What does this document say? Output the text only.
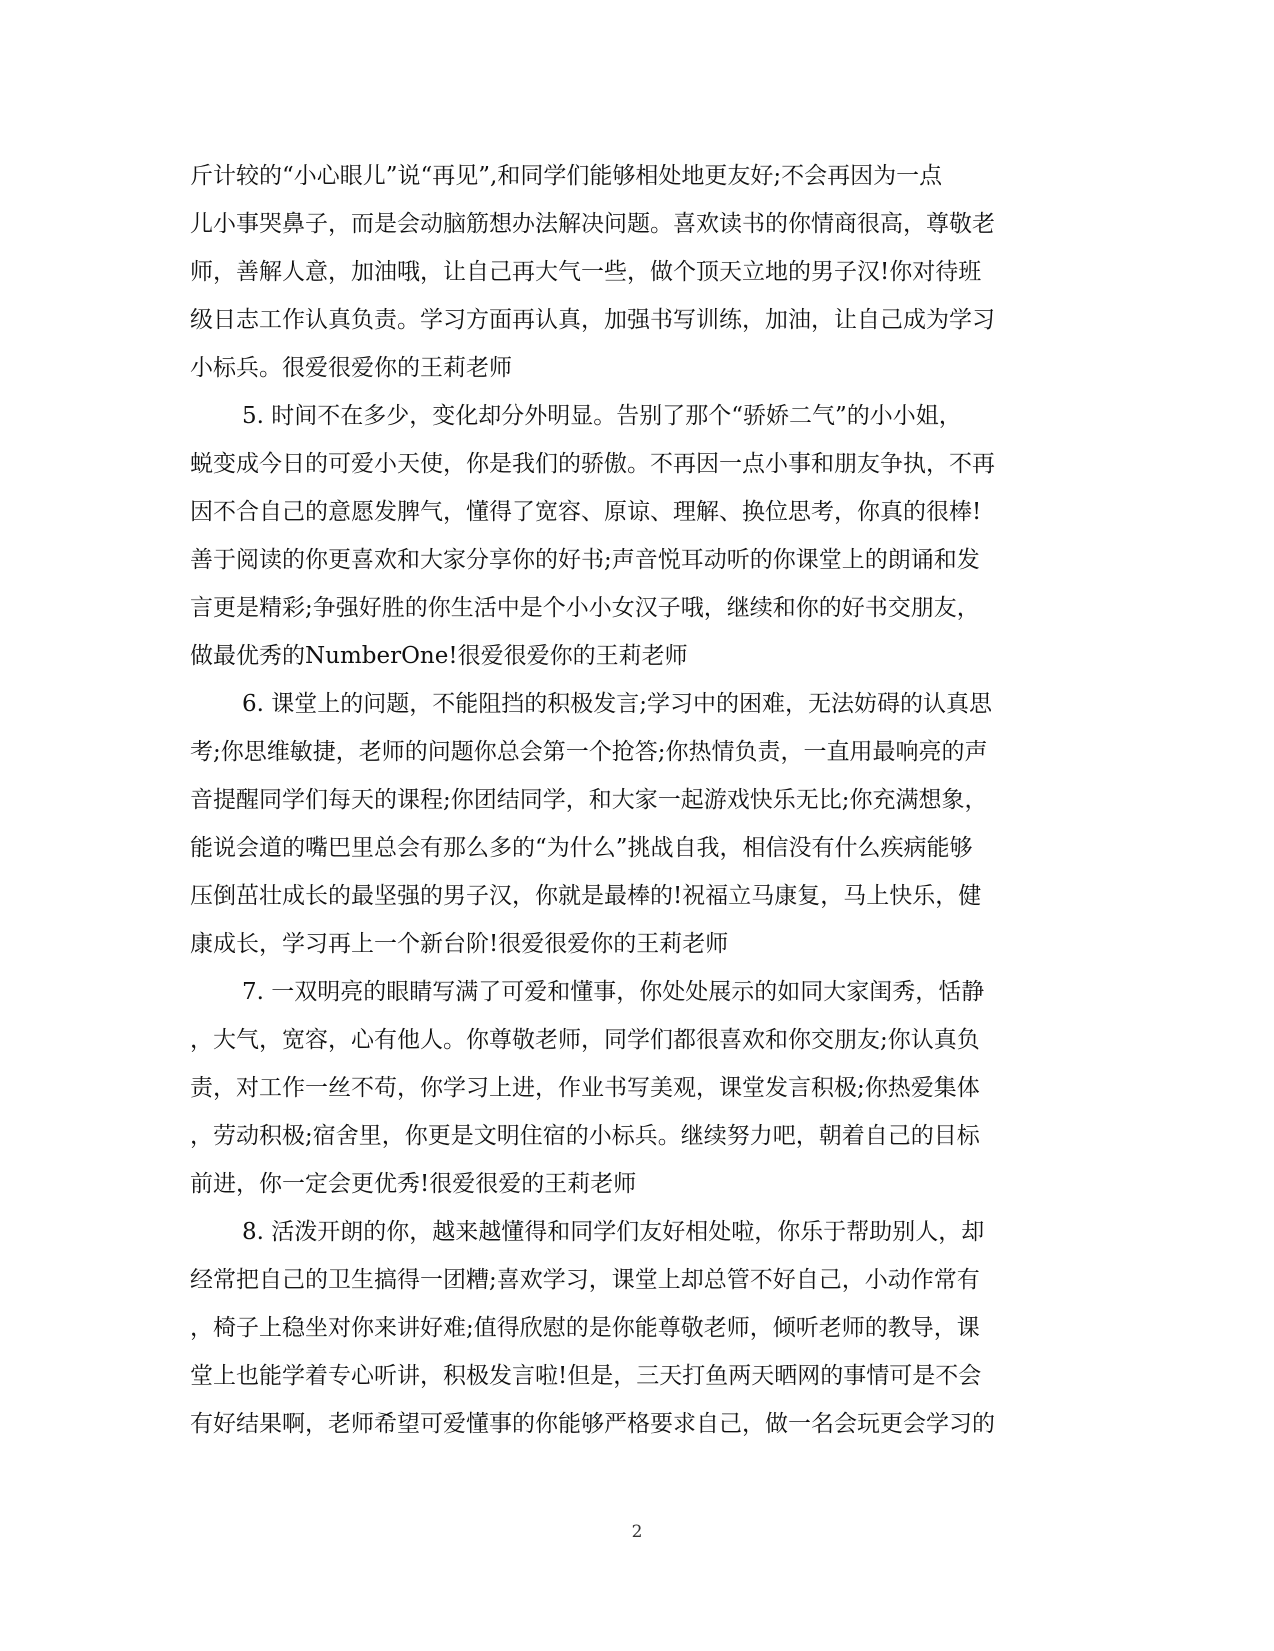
斤计较的“小心眼儿”说“再见”,和同学们能够相处地更友好;不会再因为一点
儿小事哭鼻子，而是会动脑筋想办法解决问题。喜欢读书的你情商很高，尊敬老
师，善解人意，加油哦，让自己再大气一些，做个顶天立地的男子汉!你对待班
级日志工作认真负责。学习方面再认真，加强书写训练，加油，让自己成为学习
小标兵。很爱很爱你的王莉老师
5. 时间不在多少，变化却分外明显。告别了那个“骄娇二气”的小小姐，
蜕变成今日的可爱小天使，你是我们的骄傲。不再因一点小事和朋友争执，不再
因不合自己的意愿发脾气，懂得了宽容、原谅、理解、换位思考，你真的很棒!
善于阅读的你更喜欢和大家分享你的好书;声音悦耳动听的你课堂上的朗诵和发
言更是精彩;争强好胜的你生活中是个小小女汉子哦，继续和你的好书交朋友，
做最优秀的NumberOne!很爱很爱你的王莉老师
6. 课堂上的问题，不能阻挡的积极发言;学习中的困难，无法妨碍的认真思
考;你思维敏捷，老师的问题你总会第一个抢答;你热情负责，一直用最响亮的声
音提醒同学们每天的课程;你团结同学，和大家一起游戏快乐无比;你充满想象，
能说会道的嘴巴里总会有那么多的“为什么”挑战自我，相信没有什么疾病能够
压倒茁壮成长的最坚强的男子汉，你就是最棒的!祝福立马康复，马上快乐，健
康成长，学习再上一个新台阶!很爱很爱你的王莉老师
7. 一双明亮的眼睛写满了可爱和懂事，你处处展示的如同大家闺秀，恬静
，大气，宽容，心有他人。你尊敬老师，同学们都很喜欢和你交朋友;你认真负
责，对工作一丝不苟，你学习上进，作业书写美观，课堂发言积极;你热爱集体
，劳动积极;宿舍里，你更是文明住宿的小标兵。继续努力吧，朝着自己的目标
前进，你一定会更优秀!很爱很爱的王莉老师
8. 活泼开朗的你，越来越懂得和同学们友好相处啦，你乐于帮助别人，却
经常把自己的卫生搞得一团糟;喜欢学习，课堂上却总管不好自己，小动作常有
，椅子上稳坐对你来讲好难;值得欣慰的是你能尊敬老师，倾听老师的教导，课
堂上也能学着专心听讲，积极发言啦!但是，三天打鱼两天晒网的事情可是不会
有好结果啊，老师希望可爱懂事的你能够严格要求自己，做一名会玩更会学习的
2
